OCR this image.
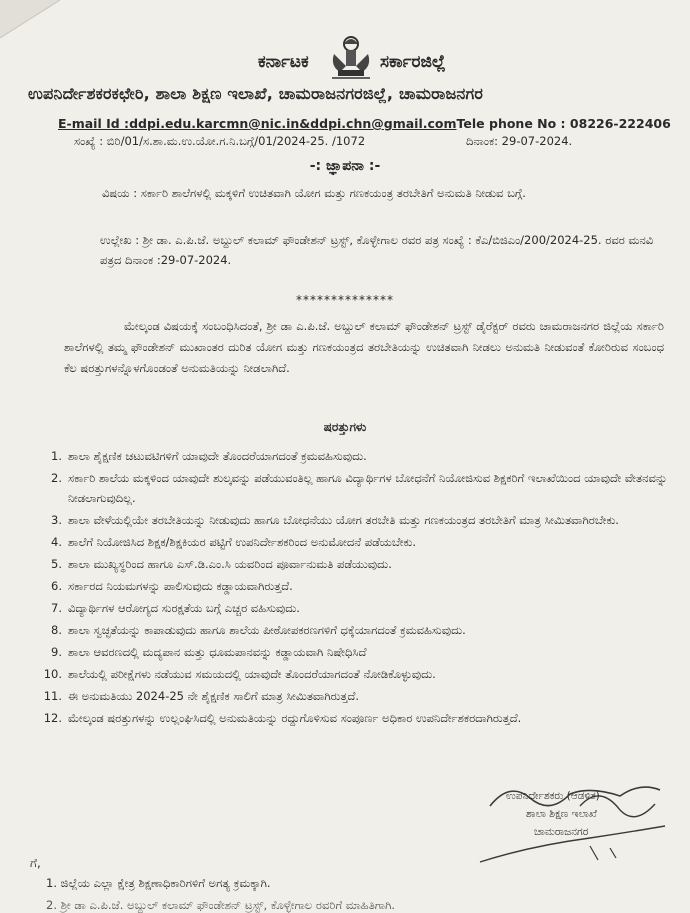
ಕರ್ನಾಟಕ	ಸರ್ಕಾರಜಿಲ್ಲೆ
ಉಪನಿರ್ದೇಶಕರಕಛೇರಿ, ಶಾಲಾ ಶಿಕ್ಷಣ ಇಲಾಖೆ, ಚಾಮರಾಜನಗರಜಿಲ್ಲೆ, ಚಾಮರಾಜನಗರ
E-mail Id :ddpi.edu.karcmn@nic.in&ddpi.chn@gmail.comTele phone No : 08226-222406
ಸಂಖ್ಯೆ : ಬಿರಿ/01/ಸ.ಶಾ.ಮ.ಉ.ಯೋ.ಗ.ನಿ.ಬಗ್ಗೆ/01/2024-25. /1072	ದಿನಾಂಕ: 29-07-2024.
-: ಜ್ಞಾಪನಾ :-
ವಿಷಯ : ಸರ್ಕಾರಿ ಶಾಲೆಗಳಲ್ಲಿ ಮಕ್ಕಳಿಗೆ ಉಚಿತವಾಗಿ ಯೋಗ ಮತ್ತು ಗಣಕಯಂತ್ರ ತರಬೇತಿಗೆ ಅನುಮತಿ ನೀಡುವ ಬಗ್ಗೆ.
ಉಲ್ಲೇಖ : ಶ್ರೀ ಡಾ. ಎ.ಪಿ.ಜೆ. ಅಬ್ದುಲ್ ಕಲಾಮ್ ಫೌಂಡೇಶನ್ ಟ್ರಸ್ಟ್, ಕೊಳ್ಳೇಗಾಲ ರವರ ಪತ್ರ ಸಂಖ್ಯೆ : ಕೆಎ/ಬಿಜಿಎಂ/200/2024-25. ರವರ ಮನವಿ ಪತ್ರದ ದಿನಾಂಕ :29-07-2024.
**************
ಮೇಲ್ಕಂಡ ವಿಷಯಕ್ಕೆ ಸಂಬಂಧಿಸಿದಂತೆ, ಶ್ರೀ ಡಾ ಎ.ಪಿ.ಜೆ. ಅಬ್ದುಲ್ ಕಲಾಮ್ ಫೌಂಡೇಶನ್ ಟ್ರಸ್ಟ್ ಡೈರೆಕ್ಟರ್ ರವರು ಚಾಮರಾಜನಗರ ಜಿಲ್ಲೆಯ ಸರ್ಕಾರಿ ಶಾಲೆಗಳಲ್ಲಿ ತಮ್ಮ ಫೌಂಡೇಶನ್ ಮುಖಾಂತರ ದುರಿತ ಯೋಗ ಮತ್ತು ಗಣಕಯಂತ್ರದ ತರಬೇತಿಯನ್ನು ಉಚಿತವಾಗಿ ನೀಡಲು ಅನುಮತಿ ನೀಡುವಂತೆ ಕೋರಿರುವ ಸಂಬಂಧ ಕೆಲ ಷರತ್ತುಗಳನ್ನೊಳಗೊಂಡಂತೆ ಅನುಮತಿಯನ್ನು ನೀಡಲಾಗಿದೆ.
ಷರತ್ತುಗಳು
1. ಶಾಲಾ ಶೈಕ್ಷಣಿಕ ಚಟುವಟಿಗಳಿಗೆ ಯಾವುದೇ ತೊಂದರೆಯಾಗದಂತೆ ಕ್ರಮವಹಿಸುವುದು.
2. ಸರ್ಕಾರಿ ಶಾಲೆಯ ಮಕ್ಕಳಿಂದ ಯಾವುದೇ ಶುಲ್ಕವನ್ನು ಪಡೆಯುವಂತಿಲ್ಲ ಹಾಗೂ ವಿದ್ಯಾರ್ಥಿಗಳ ಬೋಧನೆಗೆ ನಿಯೋಜಿಸುವ ಶಿಕ್ಷಕರಿಗೆ ಇಲಾಖೆಯಿಂದ ಯಾವುದೇ ವೇತನವನ್ನು ನೀಡಲಾಗುವುದಿಲ್ಲ.
3. ಶಾಲಾ ವೇಳೆಯಲ್ಲಿಯೇ ತರಬೇತಿಯನ್ನು ನೀಡುವುದು ಹಾಗೂ ಬೋಧನೆಯು ಯೋಗ ತರಬೇತಿ ಮತ್ತು ಗಣಕಯಂತ್ರದ ತರಬೇತಿಗೆ ಮಾತ್ರ ಸೀಮಿತವಾಗಿರಬೇಕು.
4. ಶಾಲೆಗೆ ನಿಯೋಜಿಸಿದ ಶಿಕ್ಷಕ/ಶಿಕ್ಷಕಿಯರ ಪಟ್ಟಿಗೆ ಉಪನಿರ್ದೇಶಕರಿಂದ ಅನುಮೋದನೆ ಪಡೆಯಬೇಕು.
5. ಶಾಲಾ ಮುಖ್ಯಸ್ಥರಿಂದ ಹಾಗೂ ಎಸ್.ಡಿ.ಎಂ.ಸಿ ಯವರಿಂದ ಪೂರ್ವಾನುಮತಿ ಪಡೆಯುವುದು.
6. ಸರ್ಕಾರದ ನಿಯಮಗಳನ್ನು ಪಾಲಿಸುವುದು ಕಡ್ಡಾಯವಾಗಿರುತ್ತದೆ.
7. ವಿದ್ಯಾರ್ಥಿಗಳ ಆರೋಗ್ಯದ ಸುರಕ್ಷತೆಯ ಬಗ್ಗೆ ಎಚ್ಚರ ವಹಿಸುವುದು.
8. ಶಾಲಾ ಸ್ವಚ್ಛತೆಯನ್ನು ಕಾಪಾಡುವುದು ಹಾಗೂ ಶಾಲೆಯ ಪೀಠೋಪಕರಣಗಳಿಗೆ ಧಕ್ಕೆಯಾಗದಂತೆ ಕ್ರಮವಹಿಸುವುದು.
9. ಶಾಲಾ ಆವರಣದಲ್ಲಿ ಮದ್ಯಪಾನ ಮತ್ತು ಧೂಮಪಾನವನ್ನು ಕಡ್ಡಾಯವಾಗಿ ನಿಷೇಧಿಸಿದೆ
10. ಶಾಲೆಯಲ್ಲಿ ಪರೀಕ್ಷೆಗಳು ನಡೆಯುವ ಸಮಯದಲ್ಲಿ ಯಾವುದೇ ತೊಂದರೆಯಾಗದಂತೆ ನೋಡಿಕೊಳ್ಳುವುದು.
11. ಈ ಅನುಮತಿಯು 2024-25 ನೇ ಶೈಕ್ಷಣಿಕ ಸಾಲಿಗೆ ಮಾತ್ರ ಸೀಮಿತವಾಗಿರುತ್ತದೆ.
12. ಮೇಲ್ಕಂಡ ಷರತ್ತುಗಳನ್ನು ಉಲ್ಲಂಘಿಸಿದಲ್ಲಿ ಅನುಮತಿಯನ್ನು ರದ್ದುಗೊಳಿಸುವ ಸಂಪೂರ್ಣ ಅಧಿಕಾರ ಉಪನಿರ್ದೇಶಕರದಾಗಿರುತ್ತದೆ.
ಉಪನಿರ್ದೇಶಕರು (ಆಡಳಿತ)
ಶಾಲಾ ಶಿಕ್ಷಣ ಇಲಾಖೆ
ಚಾಮರಾಜನಗರ
ಗೆ,
1. ಜಿಲ್ಲೆಯ ಎಲ್ಲಾ ಕ್ಷೇತ್ರ ಶಿಕ್ಷಣಾಧಿಕಾರಿಗಳಿಗೆ ಅಗತ್ಯ ಕ್ರಮಕ್ಕಾಗಿ.
2. ಶ್ರೀ ಡಾ ಎ.ಪಿ.ಜೆ. ಅಬ್ದುಲ್ ಕಲಾಮ್ ಫೌಂಡೇಶನ್ ಟ್ರಸ್ಟ್, ಕೊಳ್ಳೇಗಾಲ ರವರಿಗೆ ಮಾಹಿತಿಗಾಗಿ.
